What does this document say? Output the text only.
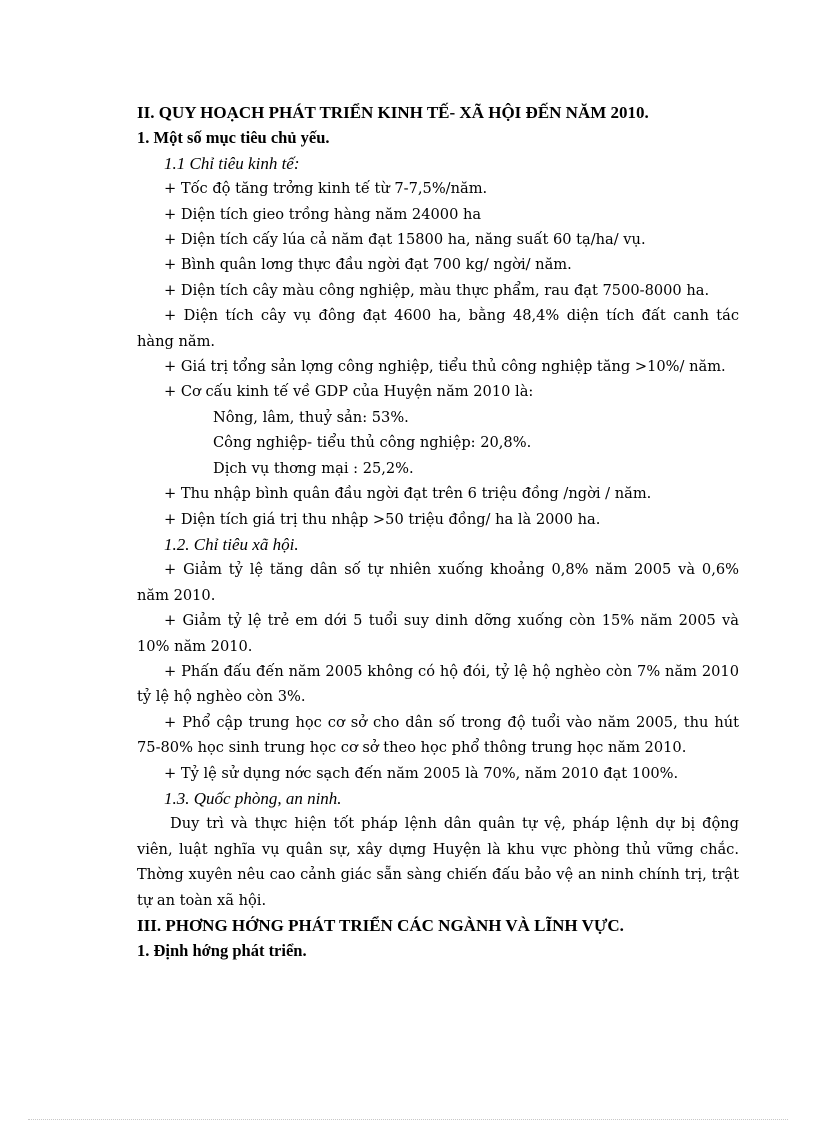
II. QUY HOẠCH PHÁT TRIỂN KINH TẾ- XÃ HỘI ĐẾN NĂM 2010.
1. Một số mục tiêu chủ yếu.
1.1 Chỉ tiêu kinh tế:
+ Tốc độ tăng trởng kinh tế từ 7-7,5%/năm.
+ Diện tích gieo trồng hàng năm 24000 ha
+ Diện tích cấy lúa cả năm đạt 15800 ha, năng suất 60 tạ/ha/ vụ.
+ Bình quân lơng thực đầu ngời đạt 700 kg/ ngời/ năm.
+ Diện tích cây màu công nghiệp, màu thực phẩm, rau đạt 7500-8000 ha.
+ Diện tích cây vụ đông đạt 4600 ha, bằng 48,4% diện tích đất canh tác hàng năm.
+ Giá trị tổng sản lợng công nghiệp, tiểu thủ công nghiệp tăng >10%/ năm.
+ Cơ cấu kinh tế về GDP của Huyện năm 2010 là:
Nông, lâm, thuỷ sản: 53%.
Công nghiệp- tiểu thủ công nghiệp: 20,8%.
Dịch vụ thơng mại : 25,2%.
+ Thu nhập bình quân đầu ngời đạt trên 6 triệu đồng /ngời / năm.
+ Diện tích giá trị thu nhập >50 triệu đồng/ ha là 2000 ha.
1.2. Chỉ tiêu xã hội.
+ Giảm tỷ lệ tăng dân số tự nhiên xuống khoảng 0,8% năm 2005 và 0,6% năm 2010.
+ Giảm tỷ lệ trẻ em dới 5 tuổi suy dinh dỡng xuống còn 15% năm 2005 và 10% năm 2010.
+ Phấn đấu đến năm 2005 không có hộ đói, tỷ lệ hộ nghèo còn 7% năm 2010 tỷ lệ hộ nghèo còn 3%.
+ Phổ cập trung học cơ sở cho dân số trong độ tuổi vào năm 2005, thu hút 75-80% học sinh trung học cơ sở theo học phổ thông trung học năm 2010.
+ Tỷ lệ sử dụng nớc sạch đến năm 2005 là 70%, năm 2010 đạt 100%.
1.3. Quốc phòng, an ninh.
Duy trì và thực hiện tốt pháp lệnh dân quân tự vệ, pháp lệnh dự bị động viên, luật nghĩa vụ quân sự, xây dựng Huyện là khu vực phòng thủ vững chắc. Thờng xuyên nêu cao cảnh giác sẵn sàng chiến đấu bảo vệ an ninh chính trị, trật tự an toàn xã hội.
III. PHƠNG HỚNG PHÁT TRIỂN CÁC NGÀNH VÀ LĨNH VỰC.
1. Định hớng phát triển.
